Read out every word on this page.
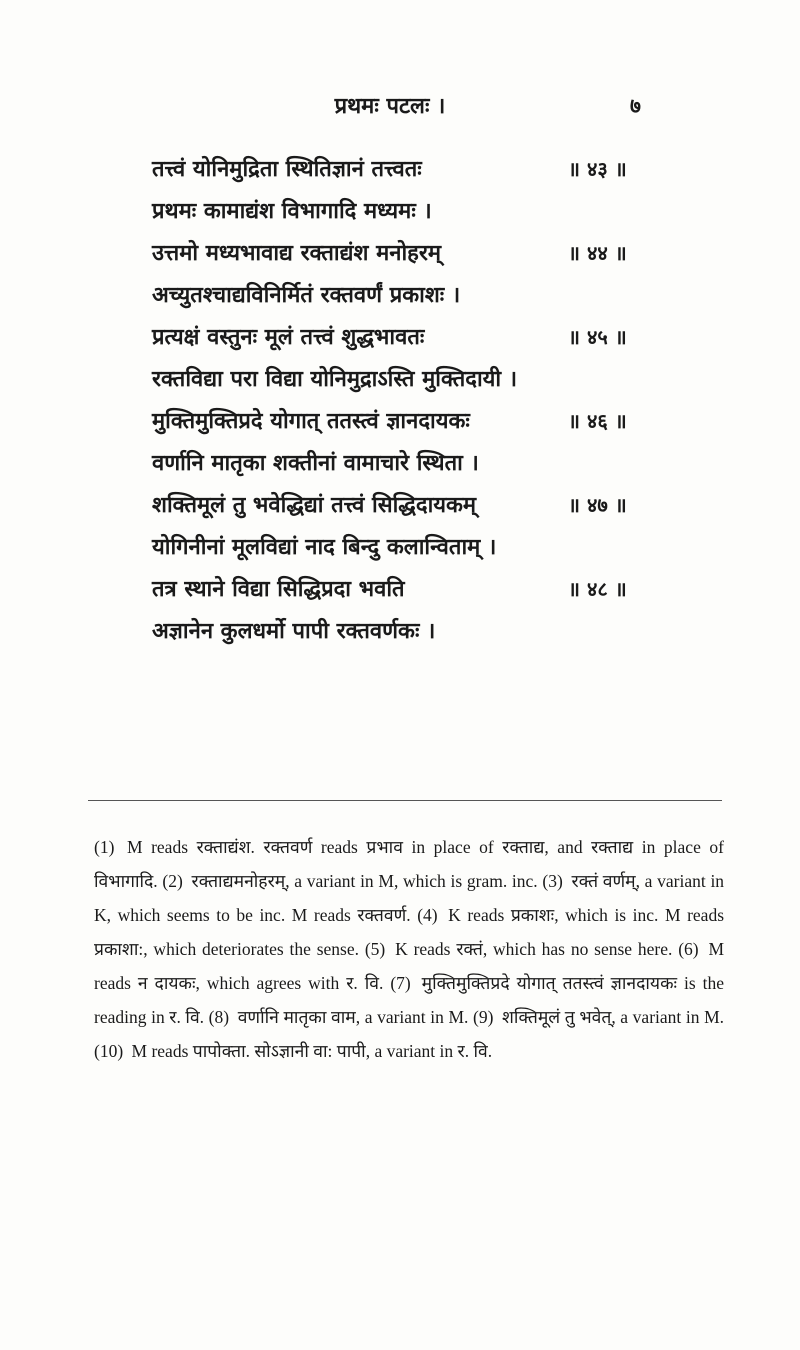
प्रथमः पटलः ।	७
तत्त्वं योनिमुद्रिता स्थितिज्ञानं तत्त्वतः	॥ ४३ ॥
प्रथमः कामाद्यंश विभागादि मध्यमः ।
उत्तमो मध्यभावाद्य रक्ताद्यंश मनोहरम्	॥ ४४ ॥
अच्युतश्चाद्यविनिर्मितं रक्तवर्णं प्रकाशः ।
प्रत्यक्षं वस्तुनः मूलं तत्त्वं शुद्धभावतः	॥ ४५ ॥
रक्तविद्या परा विद्या योनिमुद्राऽस्ति मुक्तिदायी ।
मुक्तिमुक्तिप्रदे योगात् ततस्त्वं ज्ञानदायकः	॥ ४६ ॥
वर्णानि मातृका शक्तीनां वामाचारे स्थिता ।
शक्तिमूलं तु भवेद्धिद्यां तत्त्वं सिद्धिदायकम्	॥ ४७ ॥
योगिनीनां मूलविद्यां नाद बिन्दु कलान्विताम् ।
तत्र स्थाने विद्या सिद्धिप्रदा भवति	॥ ४८ ॥
अज्ञानेन कुलधर्मो पापी रक्तवर्णकः ।
(1) M reads रक्ताद्यंश. रक्तवर्ण reads प्रभाव in place of रक्ताद्य, and रक्ताद्य in place of विभागादि. (2) रक्ताद्यमनोहरम्, a variant in M, which is gram. inc. (3) रक्तं वर्णम्, a variant in K, which seems to be inc. M reads रक्तवर्ण. (4) K reads प्रकाशः, which is inc. M reads प्रकाशा:, which deteriorates the sense. (5) K reads रक्तं, which has no sense here. (6) M reads न दायकः, which agrees with र. वि. (7) मुक्तिमुक्तिप्रदे योगात् ततस्त्वं ज्ञानदायकः is the reading in र. वि. (8) वर्णानि मातृका वाम, a variant in M. (9) शक्तिमूलं तु भवेत्, a variant in M. (10) M reads पापोक्ता. सोऽज्ञानी वा: पापी, a variant in र. वि.
